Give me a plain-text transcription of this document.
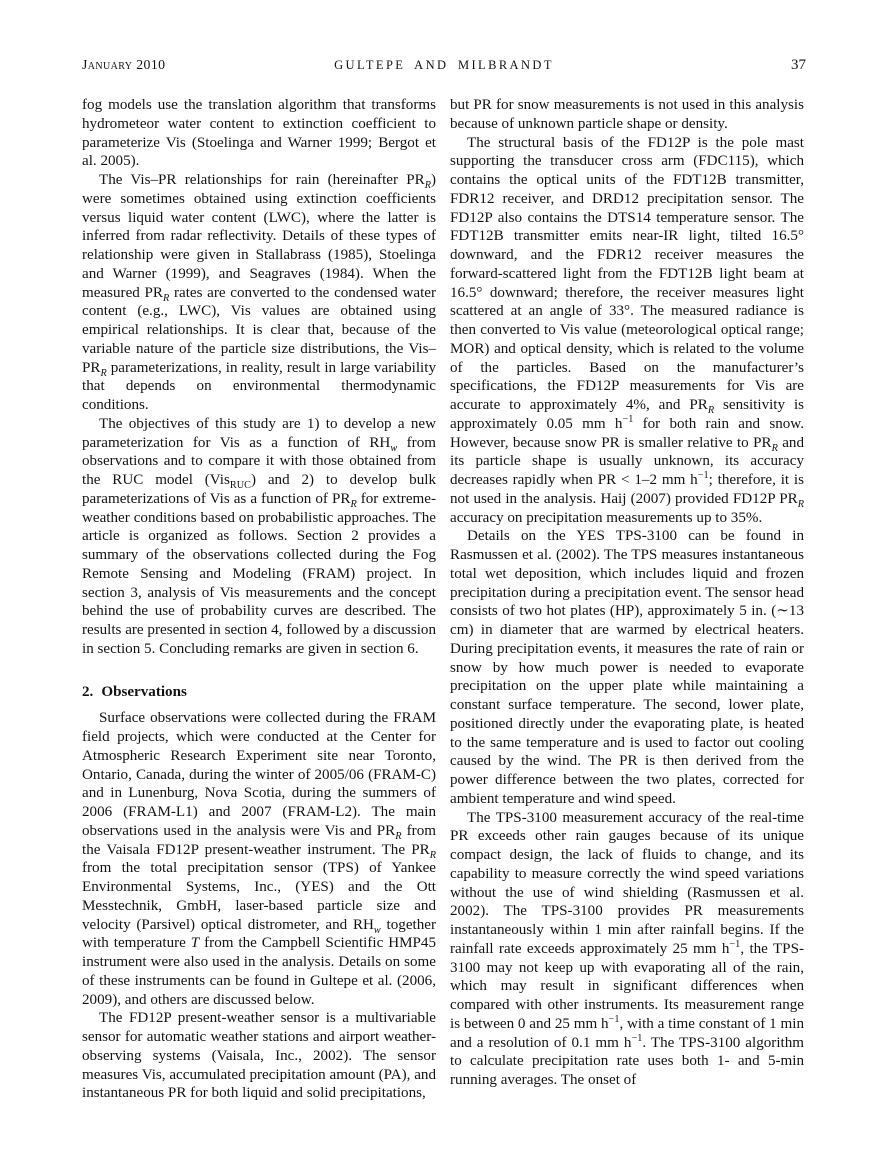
January 2010	GULTEPE AND MILBRANDT	37

fog models use the translation algorithm that transforms hydrometeor water content to extinction coefficient to parameterize Vis (Stoelinga and Warner 1999; Bergot et al. 2005).

The Vis–PR relationships for rain (hereinafter $PR_R$) were sometimes obtained using extinction coefficients versus liquid water content (LWC), where the latter is inferred from radar reflectivity. Details of these types of relationship were given in Stallabrass (1985), Stoelinga and Warner (1999), and Seagraves (1984). When the measured $PR_R$ rates are converted to the condensed water content (e.g., LWC), Vis values are obtained using empirical relationships. It is clear that, because of the variable nature of the particle size distributions, the Vis–$PR_R$ parameterizations, in reality, result in large variability that depends on environmental thermodynamic conditions.

The objectives of this study are 1) to develop a new parameterization for Vis as a function of $RH_w$ from observations and to compare it with those obtained from the RUC model (Vis$_{RUC}$) and 2) to develop bulk parameterizations of Vis as a function of $PR_R$ for extreme-weather conditions based on probabilistic approaches. The article is organized as follows. Section 2 provides a summary of the observations collected during the Fog Remote Sensing and Modeling (FRAM) project. In section 3, analysis of Vis measurements and the concept behind the use of probability curves are described. The results are presented in section 4, followed by a discussion in section 5. Concluding remarks are given in section 6.

2. Observations

Surface observations were collected during the FRAM field projects, which were conducted at the Center for Atmospheric Research Experiment site near Toronto, Ontario, Canada, during the winter of 2005/06 (FRAM-C) and in Lunenburg, Nova Scotia, during the summers of 2006 (FRAM-L1) and 2007 (FRAM-L2). The main observations used in the analysis were Vis and $PR_R$ from the Vaisala FD12P present-weather instrument. The $PR_R$ from the total precipitation sensor (TPS) of Yankee Environmental Systems, Inc., (YES) and the Ott Messtechnik, GmbH, laser-based particle size and velocity (Parsivel) optical distrometer, and $RH_w$ together with temperature T from the Campbell Scientific HMP45 instrument were also used in the analysis. Details on some of these instruments can be found in Gultepe et al. (2006, 2009), and others are discussed below.

The FD12P present-weather sensor is a multivariable sensor for automatic weather stations and airport weather-observing systems (Vaisala, Inc., 2002). The sensor measures Vis, accumulated precipitation amount (PA), and instantaneous PR for both liquid and solid precipitations,

but PR for snow measurements is not used in this analysis because of unknown particle shape or density.

The structural basis of the FD12P is the pole mast supporting the transducer cross arm (FDC115), which contains the optical units of the FDT12B transmitter, FDR12 receiver, and DRD12 precipitation sensor. The FD12P also contains the DTS14 temperature sensor. The FDT12B transmitter emits near-IR light, tilted 16.5° downward, and the FDR12 receiver measures the forward-scattered light from the FDT12B light beam at 16.5° downward; therefore, the receiver measures light scattered at an angle of 33°. The measured radiance is then converted to Vis value (meteorological optical range; MOR) and optical density, which is related to the volume of the particles. Based on the manufacturer’s specifications, the FD12P measurements for Vis are accurate to approximately 4%, and $PR_R$ sensitivity is approximately 0.05 mm $h^{-1}$ for both rain and snow. However, because snow PR is smaller relative to $PR_R$ and its particle shape is usually unknown, its accuracy decreases rapidly when PR < 1–2 mm $h^{-1}$; therefore, it is not used in the analysis. Haij (2007) provided FD12P $PR_R$ accuracy on precipitation measurements up to 35%.

Details on the YES TPS-3100 can be found in Rasmussen et al. (2002). The TPS measures instantaneous total wet deposition, which includes liquid and frozen precipitation during a precipitation event. The sensor head consists of two hot plates (HP), approximately 5 in. (∼13 cm) in diameter that are warmed by electrical heaters. During precipitation events, it measures the rate of rain or snow by how much power is needed to evaporate precipitation on the upper plate while maintaining a constant surface temperature. The second, lower plate, positioned directly under the evaporating plate, is heated to the same temperature and is used to factor out cooling caused by the wind. The PR is then derived from the power difference between the two plates, corrected for ambient temperature and wind speed.

The TPS-3100 measurement accuracy of the real-time PR exceeds other rain gauges because of its unique compact design, the lack of fluids to change, and its capability to measure correctly the wind speed variations without the use of wind shielding (Rasmussen et al. 2002). The TPS-3100 provides PR measurements instantaneously within 1 min after rainfall begins. If the rainfall rate exceeds approximately 25 mm $h^{-1}$, the TPS-3100 may not keep up with evaporating all of the rain, which may result in significant differences when compared with other instruments. Its measurement range is between 0 and 25 mm $h^{-1}$, with a time constant of 1 min and a resolution of 0.1 mm $h^{-1}$. The TPS-3100 algorithm to calculate precipitation rate uses both 1- and 5-min running averages. The onset of
